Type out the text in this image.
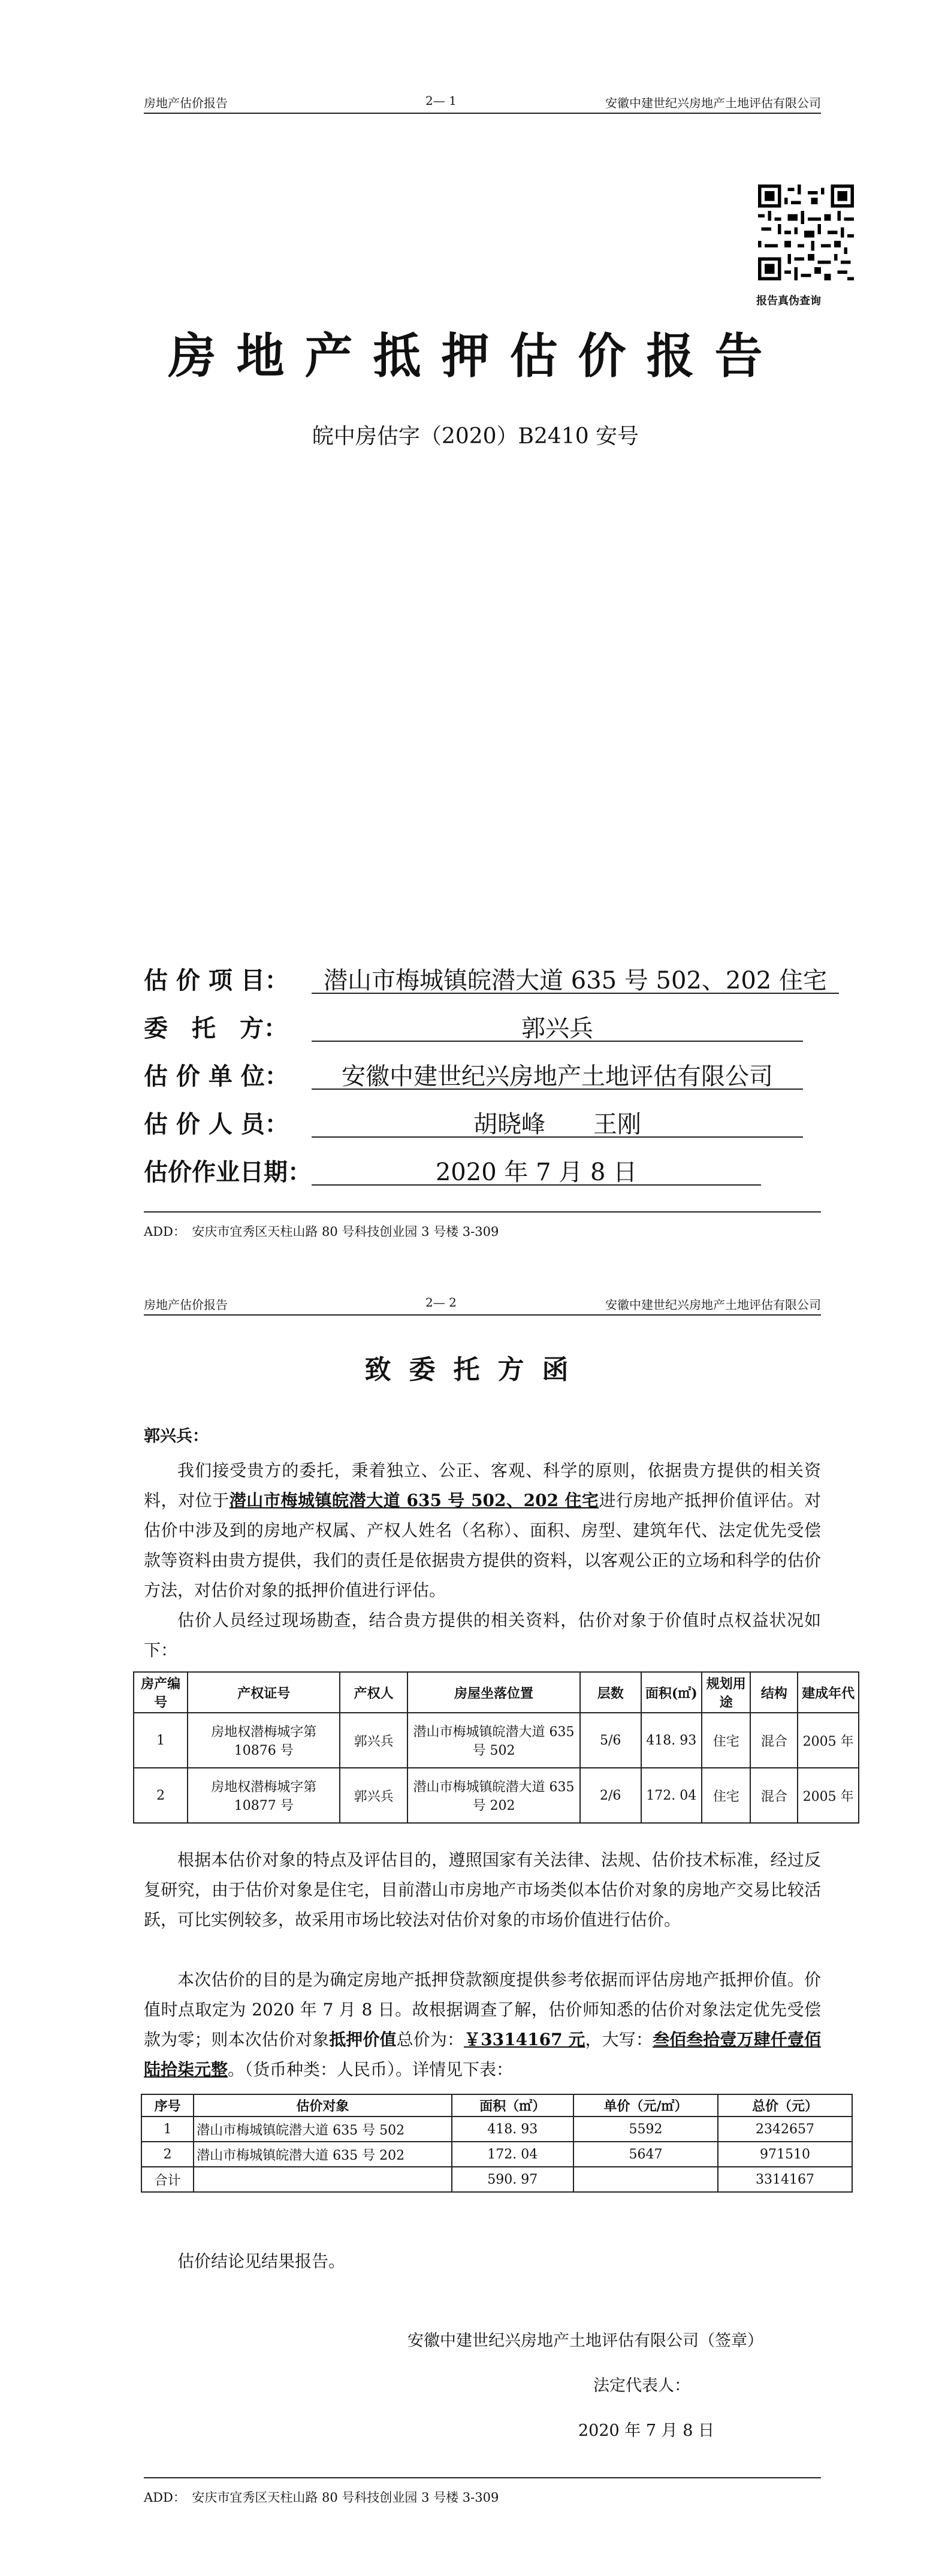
房地产估价报告	2— 1	安徽中建世纪兴房地产土地评估有限公司
报告真伪查询
房地产抵押估价报告
皖中房估字（2020）B2410 安号
估 价 项 目：	潜山市梅城镇皖潜大道 635 号 502、202 住宅
委　托　方：	郭兴兵
估 价 单 位：	安徽中建世纪兴房地产土地评估有限公司
估 价 人 员：	胡晓峰　　王刚
估价作业日期：	2020 年 7 月 8 日
ADD：　安庆市宜秀区天柱山路 80 号科技创业园 3 号楼 3-309
房地产估价报告	2— 2	安徽中建世纪兴房地产土地评估有限公司
致委托方函
郭兴兵：
我们接受贵方的委托，秉着独立、公正、客观、科学的原则，依据贵方提供的相关资料，对位于潜山市梅城镇皖潜大道 635 号 502、202 住宅进行房地产抵押价值评估。对估价中涉及到的房地产权属、产权人姓名（名称）、面积、房型、建筑年代、法定优先受偿款等资料由贵方提供，我们的责任是依据贵方提供的资料，以客观公正的立场和科学的估价方法，对估价对象的抵押价值进行评估。
估价人员经过现场勘查，结合贵方提供的相关资料，估价对象于价值时点权益状况如下：
房产编号	产权证号	产权人	房屋坐落位置	层数	面积(㎡)	规划用途	结构	建成年代
1	房地权潜梅城字第 10876 号	郭兴兵	潜山市梅城镇皖潜大道 635 号 502	5/6	418. 93	住宅	混合	2005 年
2	房地权潜梅城字第 10877 号	郭兴兵	潜山市梅城镇皖潜大道 635 号 202	2/6	172. 04	住宅	混合	2005 年
根据本估价对象的特点及评估目的，遵照国家有关法律、法规、估价技术标准，经过反复研究，由于估价对象是住宅，目前潜山市房地产市场类似本估价对象的房地产交易比较活跃，可比实例较多，故采用市场比较法对估价对象的市场价值进行估价。
本次估价的目的是为确定房地产抵押贷款额度提供参考依据而评估房地产抵押价值。价值时点取定为 2020 年 7 月 8 日。故根据调查了解，估价师知悉的估价对象法定优先受偿款为零；则本次估价对象抵押价值总价为：￥3314167 元，大写：叁佰叁拾壹万肆仟壹佰陆拾柒元整。（货币种类：人民币）。详情见下表：
序号	估价对象	面积（㎡）	单价（元/㎡）	总价（元）
1	潜山市梅城镇皖潜大道 635 号 502	418. 93	5592	2342657
2	潜山市梅城镇皖潜大道 635 号 202	172. 04	5647	971510
合计		590. 97		3314167
估价结论见结果报告。
安徽中建世纪兴房地产土地评估有限公司（签章）
法定代表人：
2020 年 7 月 8 日
ADD：　安庆市宜秀区天柱山路 80 号科技创业园 3 号楼 3-309
